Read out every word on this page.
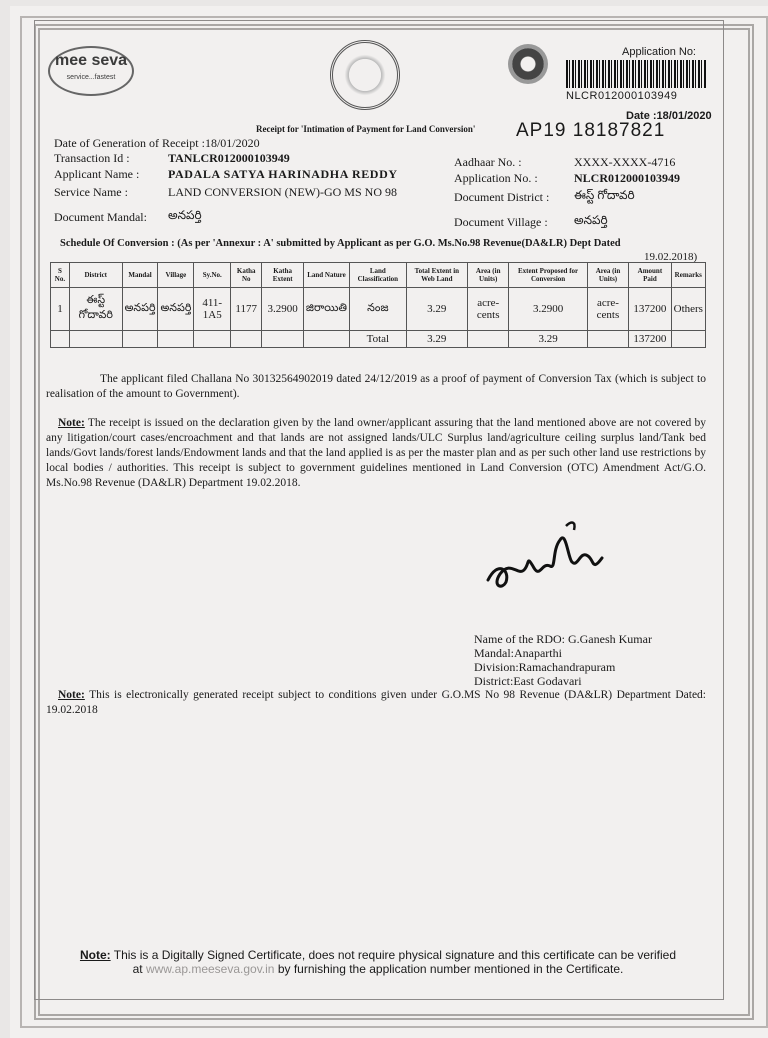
mee seva
service...fastest
Application No:
NLCR012000103949
Date :18/01/2020
Receipt for 'Intimation of Payment for Land Conversion' AP19 18187821
Date of Generation of Receipt :18/01/2020
Transaction Id :	TANLCR012000103949
Applicant Name : PADALA SATYA HARINADHA REDDY
Service Name :	LAND CONVERSION (NEW)-GO MS NO 98
Document Mandal: అనపర్తి
Aadhaar No. :	XXXX-XXXX-4716
Application No. :	NLCR012000103949
Document District : ఈస్ట్ గోదావరి
Document Village : అనపర్తి
Schedule Of Conversion : (As per 'Annexur : A' submitted by Applicant as per G.O. Ms.No.98 Revenue(DA&LR) Dept Dated
19.02.2018)
S No.	District	Mandal	Village	Sy.No.	Katha No	Katha Extent	Land Nature	Land Classification	Total Extent in Web Land	Area (in Units)	Extent Proposed for Conversion	Area (in Units)	Amount Paid	Remarks
1	ఈస్ట్ గోదావరి	అనపర్తి	అనపర్తి	411-1A5	1177	3.2900	జిరాయితి	నంజ	3.29	acre-cents	3.2900	acre-cents	137200	Others
								Total	3.29		3.29		137200	
The applicant filed Challana No 30132564902019 dated 24/12/2019 as a proof of payment of Conversion Tax (which is subject to realisation of the amount to Government).
Note: The receipt is issued on the declaration given by the land owner/applicant assuring that the land mentioned above are not covered by any litigation/court cases/encroachment and that lands are not assigned lands/ULC Surplus land/agriculture ceiling surplus land/Tank bed lands/Govt lands/forest lands/Endowment lands and that the land applied is as per the master plan and as per such other land use restrictions by local bodies / authorities. This receipt is subject to government guidelines mentioned in Land Conversion (OTC) Amendment Act/G.O. Ms.No.98 Revenue (DA&LR) Department 19.02.2018.
Name of the RDO: G.Ganesh Kumar
Mandal:Anaparthi
Division:Ramachandrapuram
District:East Godavari
Note: This is electronically generated receipt subject to conditions given under G.O.MS No 98 Revenue (DA&LR) Department Dated: 19.02.2018
Note: This is a Digitally Signed Certificate, does not require physical signature and this certificate can be verified
at www.ap.meeseva.gov.in by furnishing the application number mentioned in the Certificate.
